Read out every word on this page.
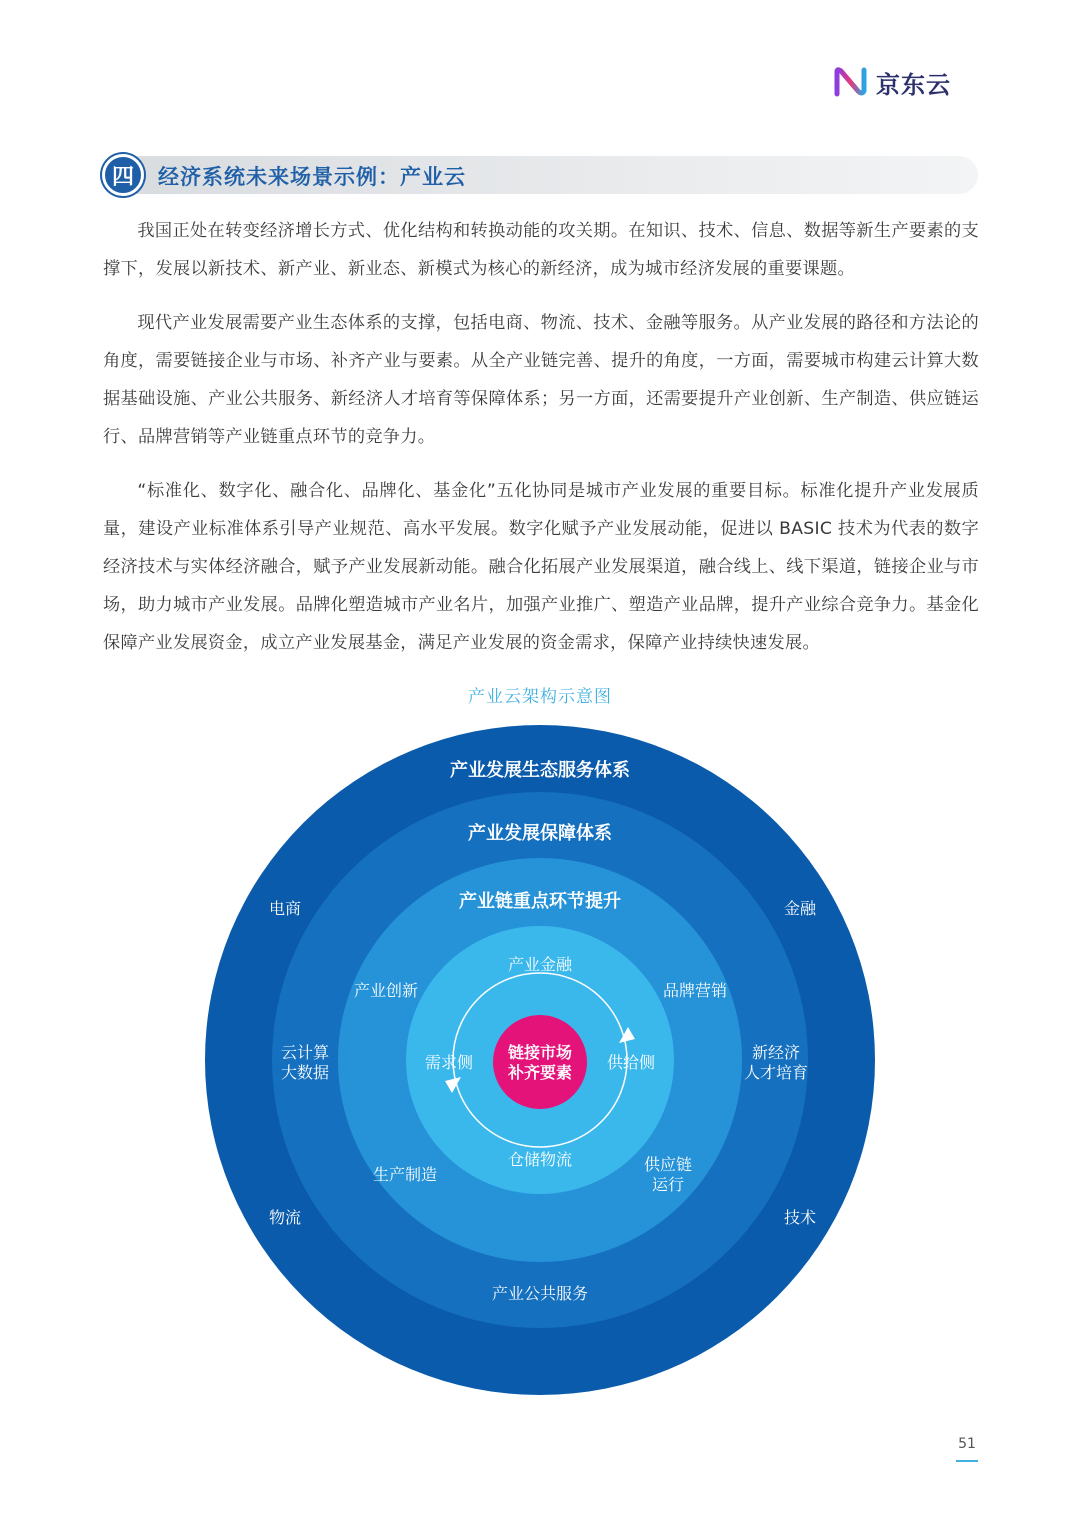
京东云
四	经济系统未来场景示例：产业云

我国正处在转变经济增长方式、优化结构和转换动能的攻关期。在知识、技术、信息、数据等新生产要素的支撑下，发展以新技术、新产业、新业态、新模式为核心的新经济，成为城市经济发展的重要课题。

现代产业发展需要产业生态体系的支撑，包括电商、物流、技术、金融等服务。从产业发展的路径和方法论的角度，需要链接企业与市场、补齐产业与要素。从全产业链完善、提升的角度，一方面，需要城市构建云计算大数据基础设施、产业公共服务、新经济人才培育等保障体系；另一方面，还需要提升产业创新、生产制造、供应链运行、品牌营销等产业链重点环节的竞争力。

“标准化、数字化、融合化、品牌化、基金化”五化协同是城市产业发展的重要目标。标准化提升产业发展质量，建设产业标准体系引导产业规范、高水平发展。数字化赋予产业发展动能，促进以 BASIC 技术为代表的数字经济技术与实体经济融合，赋予产业发展新动能。融合化拓展产业发展渠道，融合线上、线下渠道，链接企业与市场，助力城市产业发展。品牌化塑造城市产业名片，加强产业推广、塑造产业品牌，提升产业综合竞争力。基金化保障产业发展资金，成立产业发展基金，满足产业发展的资金需求，保障产业持续快速发展。

产业云架构示意图
产业发展生态服务体系
电商	金融
物流	技术
产业发展保障体系
云计算
大数据
新经济
人才培育
产业公共服务
产业链重点环节提升
产业创新	品牌营销
生产制造
供应链
运行
产业金融
需求侧	供给侧
仓储物流
链接市场
补齐要素
51
